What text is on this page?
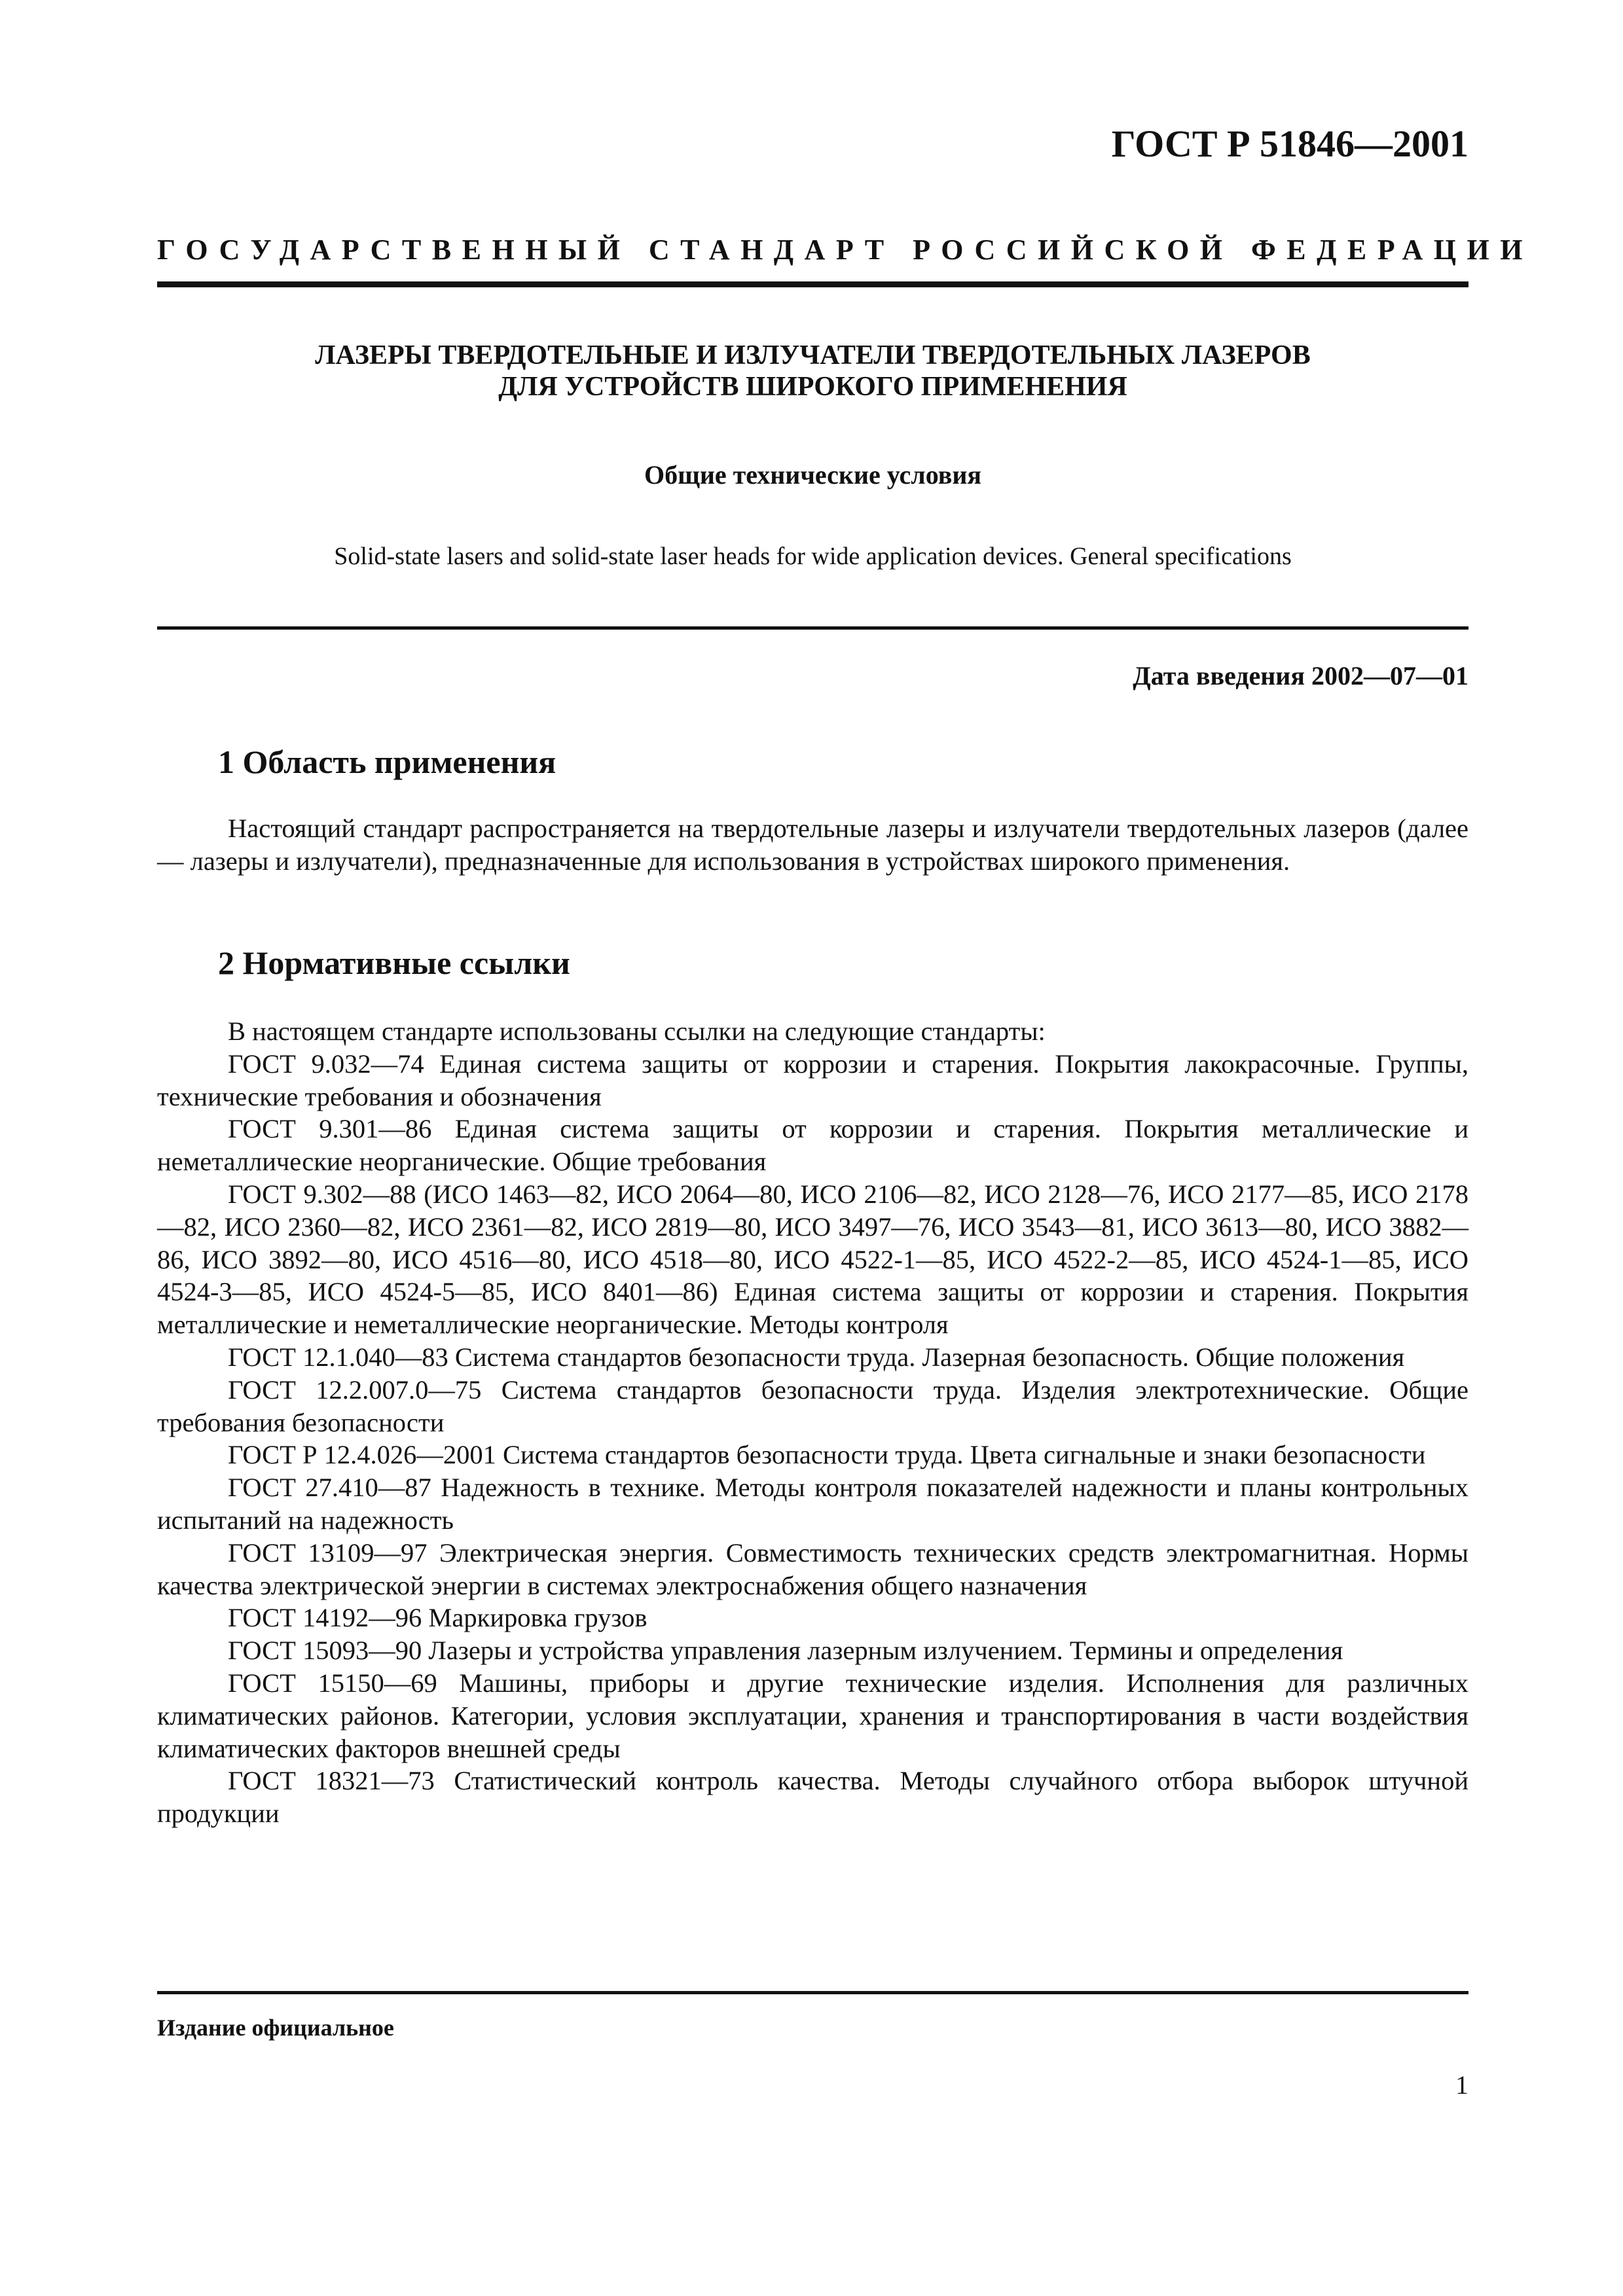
ГОСТ Р 51846—2001
ГОСУДАРСТВЕННЫЙ СТАНДАРТ РОССИЙСКОЙ ФЕДЕРАЦИИ
ЛАЗЕРЫ ТВЕРДОТЕЛЬНЫЕ И ИЗЛУЧАТЕЛИ ТВЕРДОТЕЛЬНЫХ ЛАЗЕРОВ
ДЛЯ УСТРОЙСТВ ШИРОКОГО ПРИМЕНЕНИЯ
Общие технические условия
Solid-state lasers and solid-state laser heads for wide application devices. General specifications
Дата введения 2002—07—01
1 Область применения

Настоящий стандарт распространяется на твердотельные лазеры и излучатели твердотельных лазеров (далее — лазеры и излучатели), предназначенные для использования в устройствах широкого применения.

2 Нормативные ссылки

В настоящем стандарте использованы ссылки на следующие стандарты:

ГОСТ 9.032—74 Единая система защиты от коррозии и старения. Покрытия лакокрасочные. Группы, технические требования и обозначения

ГОСТ 9.301—86 Единая система защиты от коррозии и старения. Покрытия металлические и неметаллические неорганические. Общие требования

ГОСТ 9.302—88 (ИСО 1463—82, ИСО 2064—80, ИСО 2106—82, ИСО 2128—76, ИСО 2177—85, ИСО 2178—82, ИСО 2360—82, ИСО 2361—82, ИСО 2819—80, ИСО 3497—76, ИСО 3543—81, ИСО 3613—80, ИСО 3882—86, ИСО 3892—80, ИСО 4516—80, ИСО 4518—80, ИСО 4522-1—85, ИСО 4522-2—85, ИСО 4524-1—85, ИСО 4524-3—85, ИСО 4524-5—85, ИСО 8401—86) Единая система защиты от коррозии и старения. Покрытия металлические и неметаллические неорганические. Методы контроля

ГОСТ 12.1.040—83 Система стандартов безопасности труда. Лазерная безопасность. Общие положения

ГОСТ 12.2.007.0—75 Система стандартов безопасности труда. Изделия электротехнические. Общие требования безопасности

ГОСТ Р 12.4.026—2001 Система стандартов безопасности труда. Цвета сигнальные и знаки безопасности

ГОСТ 27.410—87 Надежность в технике. Методы контроля показателей надежности и планы контрольных испытаний на надежность

ГОСТ 13109—97 Электрическая энергия. Совместимость технических средств электромагнитная. Нормы качества электрической энергии в системах электроснабжения общего назначения

ГОСТ 14192—96 Маркировка грузов

ГОСТ 15093—90 Лазеры и устройства управления лазерным излучением. Термины и определения

ГОСТ 15150—69 Машины, приборы и другие технические изделия. Исполнения для различных климатических районов. Категории, условия эксплуатации, хранения и транспортирования в части воздействия климатических факторов внешней среды

ГОСТ 18321—73 Статистический контроль качества. Методы случайного отбора выборок штучной продукции

Издание официальное
1
